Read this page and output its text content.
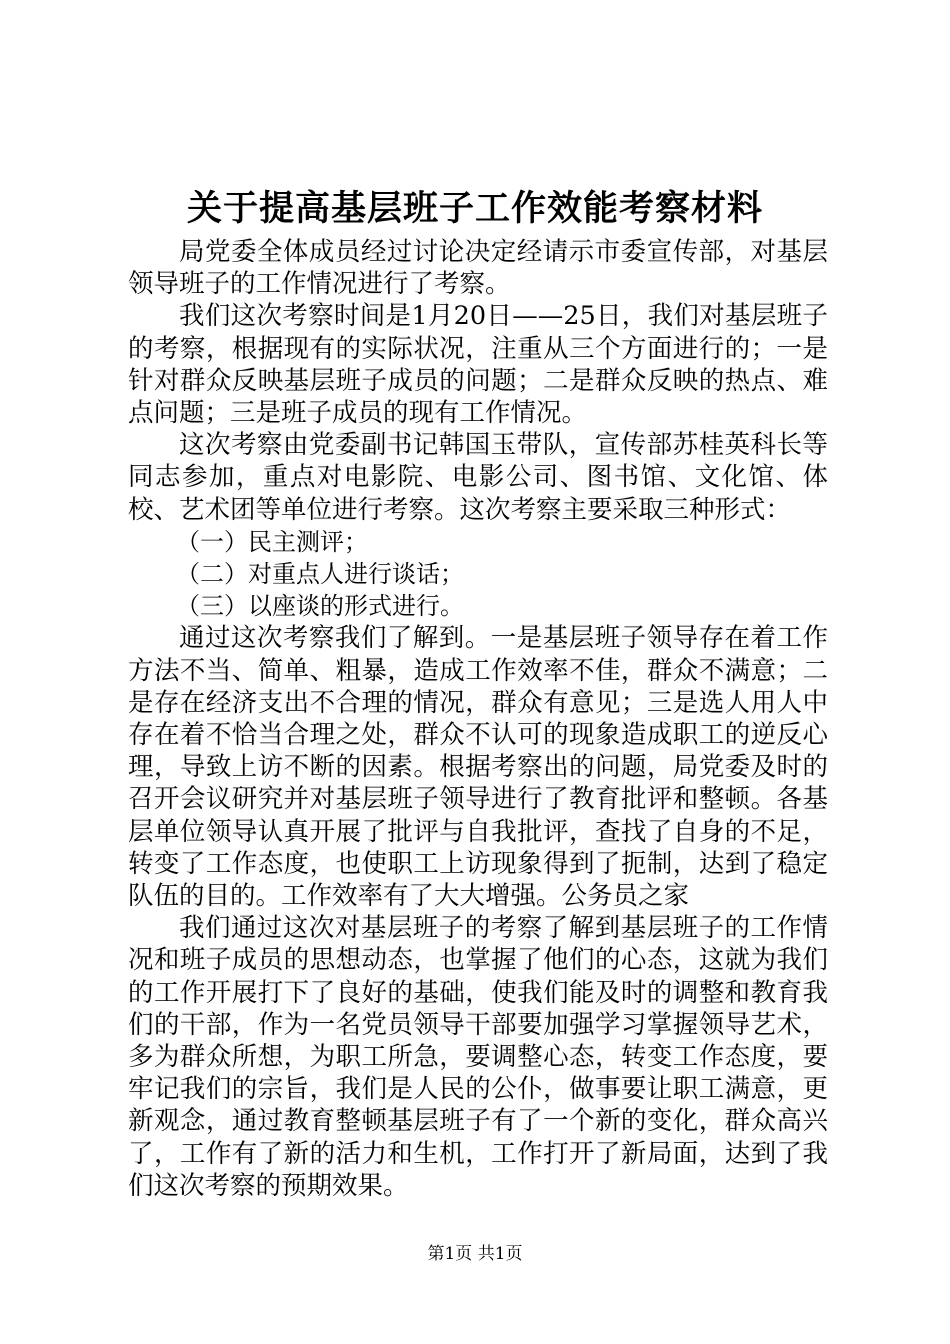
关于提高基层班子工作效能考察材料

局党委全体成员经过讨论决定经请示市委宣传部，对基层领导班子的工作情况进行了考察。

我们这次考察时间是1月20日——25日，我们对基层班子的考察，根据现有的实际状况，注重从三个方面进行的；一是针对群众反映基层班子成员的问题；二是群众反映的热点、难点问题；三是班子成员的现有工作情况。

这次考察由党委副书记韩国玉带队，宣传部苏桂英科长等同志参加，重点对电影院、电影公司、图书馆、文化馆、体校、艺术团等单位进行考察。这次考察主要采取三种形式：

（一）民主测评；

（二）对重点人进行谈话；

（三）以座谈的形式进行。

通过这次考察我们了解到。一是基层班子领导存在着工作方法不当、简单、粗暴，造成工作效率不佳，群众不满意；二是存在经济支出不合理的情况，群众有意见；三是选人用人中存在着不恰当合理之处，群众不认可的现象造成职工的逆反心理，导致上访不断的因素。根据考察出的问题，局党委及时的召开会议研究并对基层班子领导进行了教育批评和整顿。各基层单位领导认真开展了批评与自我批评，查找了自身的不足，转变了工作态度，也使职工上访现象得到了扼制，达到了稳定队伍的目的。工作效率有了大大增强。公务员之家

我们通过这次对基层班子的考察了解到基层班子的工作情况和班子成员的思想动态，也掌握了他们的心态，这就为我们的工作开展打下了良好的基础，使我们能及时的调整和教育我们的干部，作为一名党员领导干部要加强学习掌握领导艺术，多为群众所想，为职工所急，要调整心态，转变工作态度，要牢记我们的宗旨，我们是人民的公仆，做事要让职工满意，更新观念，通过教育整顿基层班子有了一个新的变化，群众高兴了，工作有了新的活力和生机，工作打开了新局面，达到了我们这次考察的预期效果。

第1页 共1页
